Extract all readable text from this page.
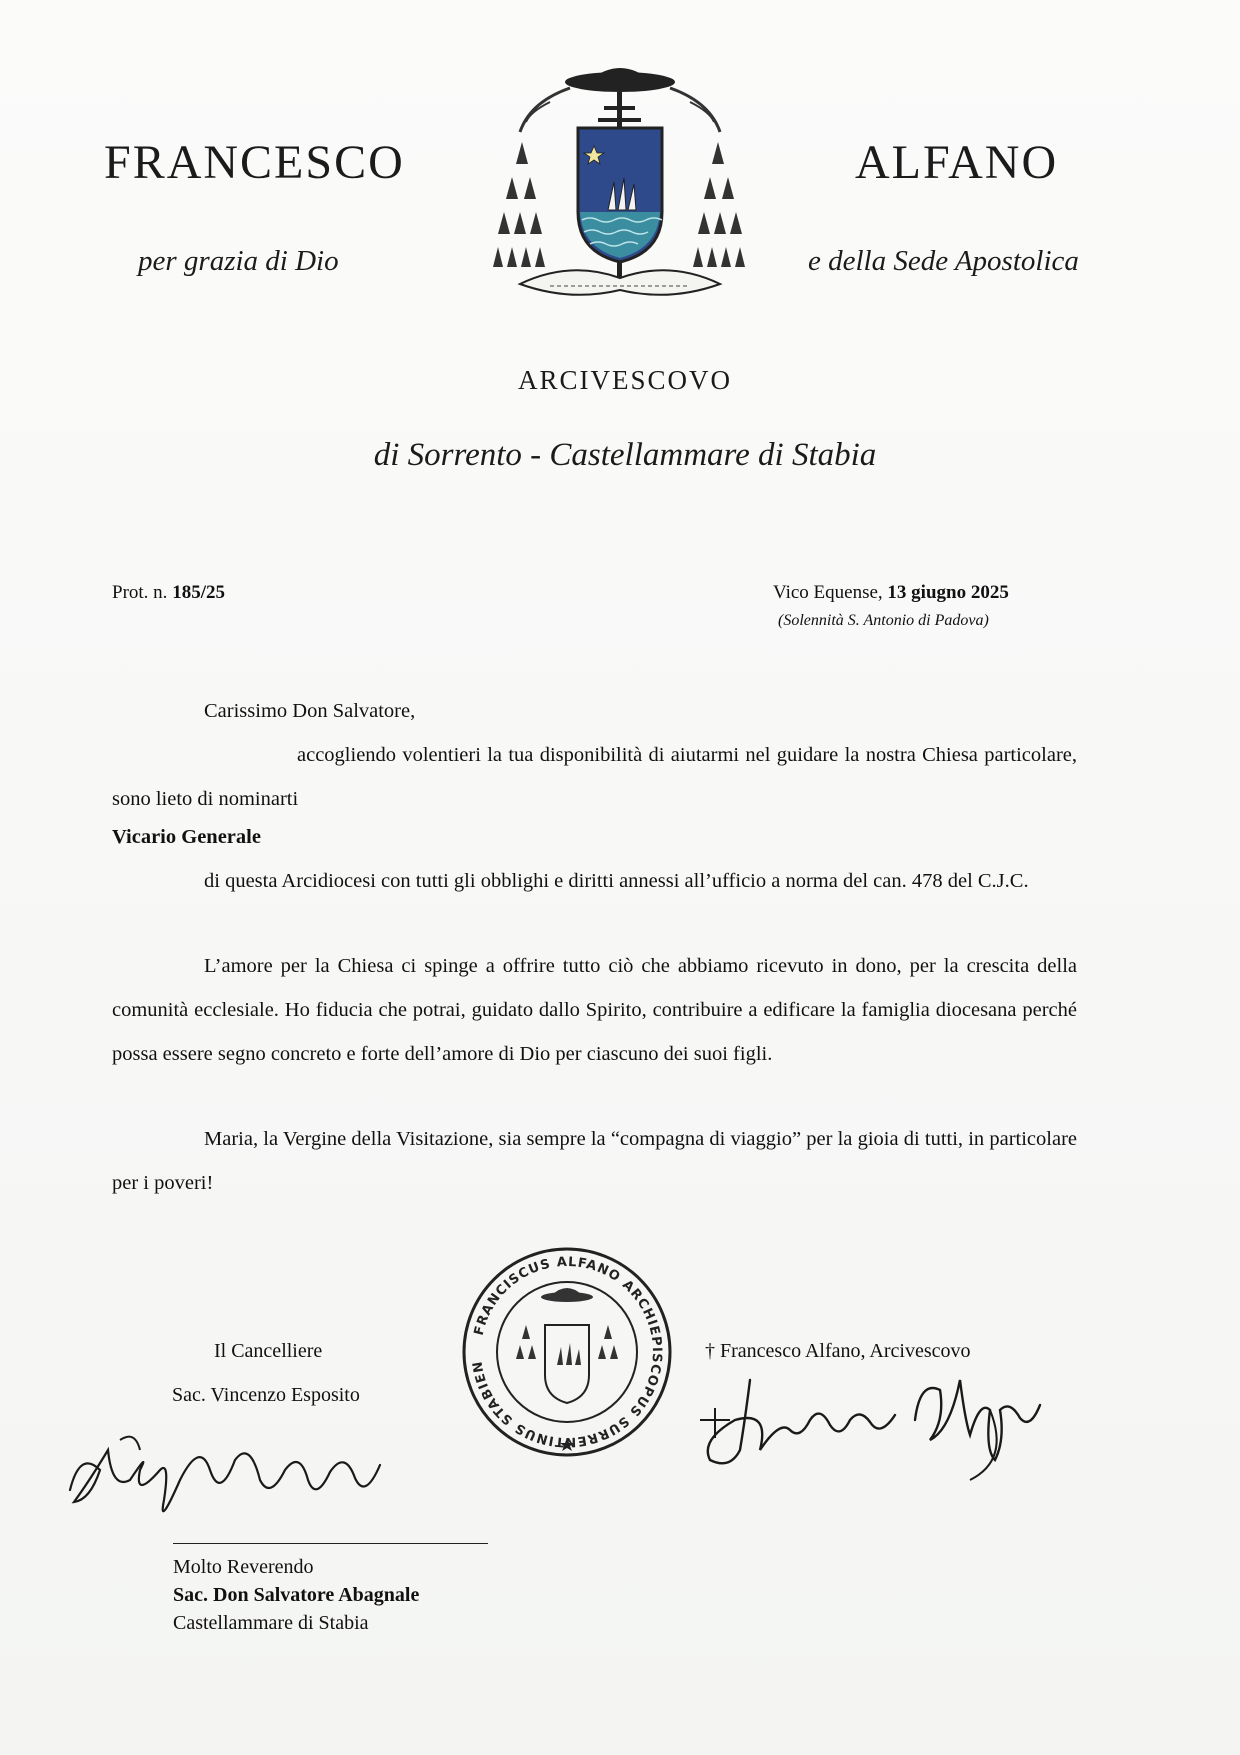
FRANCESCO	ALFANO
per grazia di Dio	e della Sede Apostolica
ARCIVESCOVO
di Sorrento - Castellammare di Stabia
Prot. n. 185/25	Vico Equense, 13 giugno 2025
(Solennità S. Antonio di Padova)
Carissimo Don Salvatore,
accogliendo volentieri la tua disponibilità di aiutarmi nel guidare la nostra Chiesa particolare, sono lieto di nominarti
Vicario Generale
di questa Arcidiocesi con tutti gli obblighi e diritti annessi all’ufficio a norma del can. 478 del C.J.C.
L’amore per la Chiesa ci spinge a offrire tutto ciò che abbiamo ricevuto in dono, per la crescita della comunità ecclesiale. Ho fiducia che potrai, guidato dallo Spirito, contribuire a edificare la famiglia diocesana perché possa essere segno concreto e forte dell’amore di Dio per ciascuno dei suoi figli.
Maria, la Vergine della Visitazione, sia sempre la “compagna di viaggio” per la gioia di tutti, in particolare per i poveri!
Il Cancelliere
Sac. Vincenzo Esposito
FRANCISCUS ALFANO ARCHIEPISCOPUS SURRENTINUS STABIEN
† Francesco Alfano, Arcivescovo
Molto Reverendo
Sac. Don Salvatore Abagnale
Castellammare di Stabia
